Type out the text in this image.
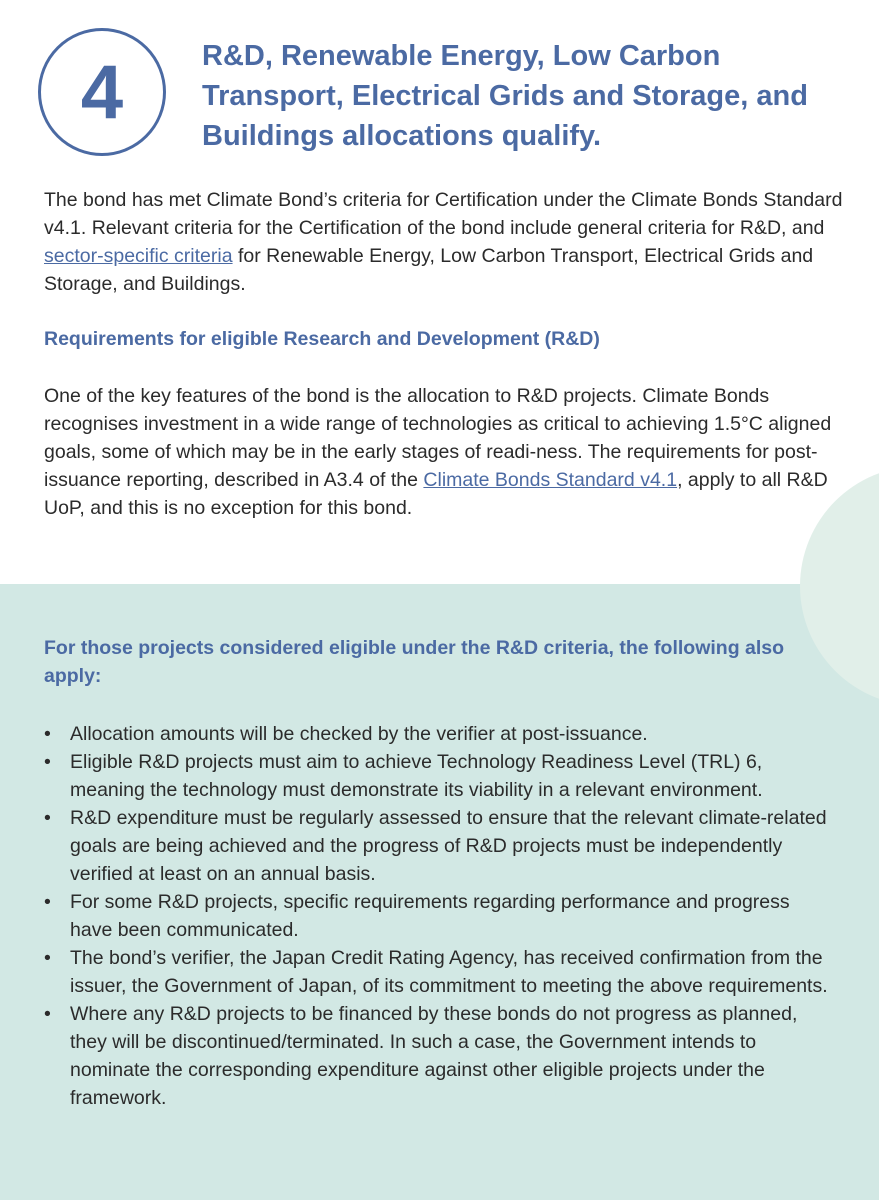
4	R&D, Renewable Energy, Low Carbon Transport, Electrical Grids and Storage, and Buildings allocations qualify.

The bond has met Climate Bond’s criteria for Certification under the Climate Bonds Standard v4.1. Relevant criteria for the Certification of the bond include general criteria for R&D, and sector-specific criteria for Renewable Energy, Low Carbon Transport, Electrical Grids and Storage, and Buildings.

Requirements for eligible Research and Development (R&D)

One of the key features of the bond is the allocation to R&D projects. Climate Bonds recognises investment in a wide range of technologies as critical to achieving 1.5°C aligned goals, some of which may be in the early stages of readi-ness. The requirements for post-issuance reporting, described in A3.4 of the Climate Bonds Standard v4.1, apply to all R&D UoP, and this is no exception for this bond.

For those projects considered eligible under the R&D criteria, the following also apply:
• Allocation amounts will be checked by the verifier at post-issuance.
• Eligible R&D projects must aim to achieve Technology Readiness Level (TRL) 6, meaning the technology must demonstrate its viability in a relevant environment.
• R&D expenditure must be regularly assessed to ensure that the relevant climate-related goals are being achieved and the progress of R&D projects must be independently verified at least on an annual basis.
• For some R&D projects, specific requirements regarding performance and progress have been communicated.
• The bond’s verifier, the Japan Credit Rating Agency, has received confirmation from the issuer, the Government of Japan, of its commitment to meeting the above requirements.
• Where any R&D projects to be financed by these bonds do not progress as planned, they will be discontinued/terminated. In such a case, the Government intends to nominate the corresponding expenditure against other eligible projects under the framework.
